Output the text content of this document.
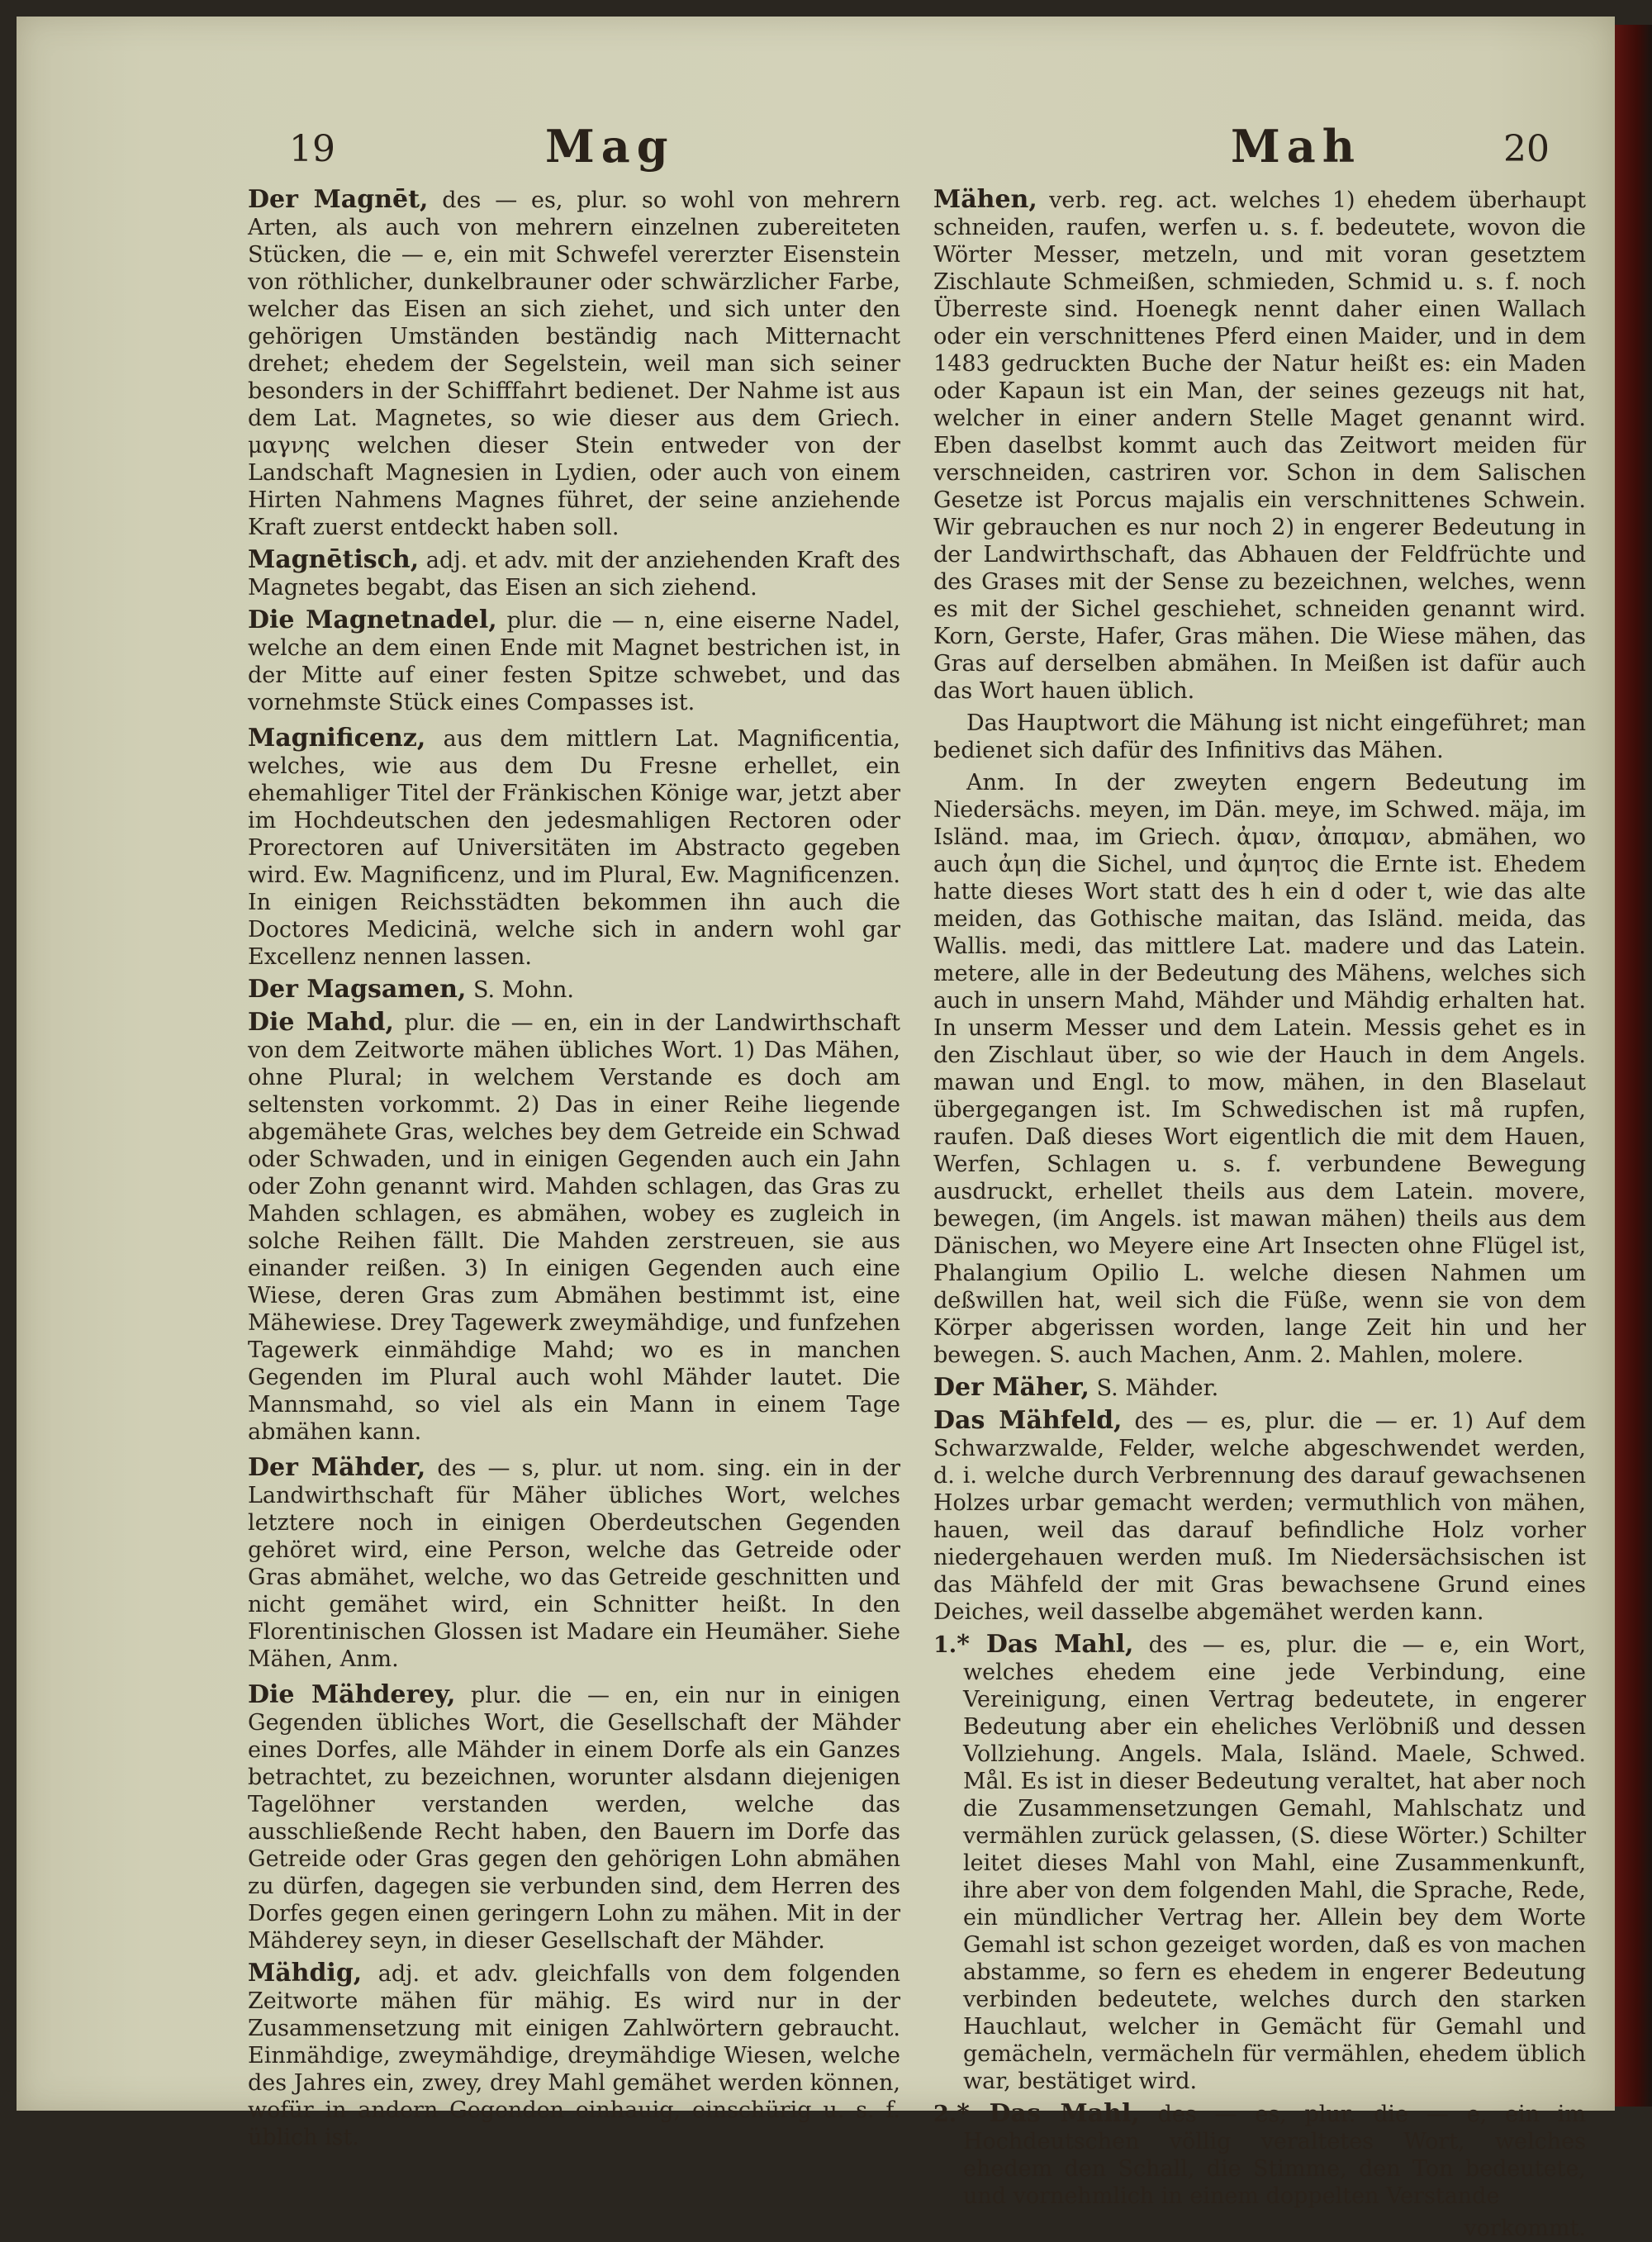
19	Mag	Mah	20

Der Magnēt, des — es, plur. so wohl von mehrern Arten, als auch von mehrern einzelnen zubereiteten Stücken, die — e, ein mit Schwefel vererzter Eisenstein von röthlicher, dunkelbrauner oder schwärzlicher Farbe, welcher das Eisen an sich ziehet, und sich unter den gehörigen Umständen beständig nach Mitternacht drehet; ehedem der Segelstein, weil man sich seiner besonders in der Schifffahrt bedienet. Der Nahme ist aus dem Lat. Magnetes, so wie dieser aus dem Griech. μαγνης welchen dieser Stein entweder von der Landschaft Magnesien in Lydien, oder auch von einem Hirten Nahmens Magnes führet, der seine anziehende Kraft zuerst entdeckt haben soll.

Magnētisch, adj. et adv. mit der anziehenden Kraft des Magnetes begabt, das Eisen an sich ziehend.

Die Magnetnadel, plur. die — n, eine eiserne Nadel, welche an dem einen Ende mit Magnet bestrichen ist, in der Mitte auf einer festen Spitze schwebet, und das vornehmste Stück eines Compasses ist.

Magnificenz, aus dem mittlern Lat. Magnificentia, welches, wie aus dem Du Fresne erhellet, ein ehemahliger Titel der Fränkischen Könige war, jetzt aber im Hochdeutschen den jedesmahligen Rectoren oder Prorectoren auf Universitäten im Abstracto gegeben wird. Ew. Magnificenz, und im Plural, Ew. Magnificenzen. In einigen Reichsstädten bekommen ihn auch die Doctores Medicinä, welche sich in andern wohl gar Excellenz nennen lassen.

Der Magsamen, S. Mohn.

Die Mahd, plur. die — en, ein in der Landwirthschaft von dem Zeitworte mähen übliches Wort. 1) Das Mähen, ohne Plural; in welchem Verstande es doch am seltensten vorkommt. 2) Das in einer Reihe liegende abgemähete Gras, welches bey dem Getreide ein Schwad oder Schwaden, und in einigen Gegenden auch ein Jahn oder Zohn genannt wird. Mahden schlagen, das Gras zu Mahden schlagen, es abmähen, wobey es zugleich in solche Reihen fällt. Die Mahden zerstreuen, sie aus einander reißen. 3) In einigen Gegenden auch eine Wiese, deren Gras zum Abmähen bestimmt ist, eine Mähewiese. Drey Tagewerk zweymähdige, und funfzehen Tagewerk einmähdige Mahd; wo es in manchen Gegenden im Plural auch wohl Mähder lautet. Die Mannsmahd, so viel als ein Mann in einem Tage abmähen kann.

Der Mähder, des — s, plur. ut nom. sing. ein in der Landwirthschaft für Mäher übliches Wort, welches letztere noch in einigen Oberdeutschen Gegenden gehöret wird, eine Person, welche das Getreide oder Gras abmähet, welche, wo das Getreide geschnitten und nicht gemähet wird, ein Schnitter heißt. In den Florentinischen Glossen ist Madare ein Heumäher. Siehe Mähen, Anm.

Die Mähderey, plur. die — en, ein nur in einigen Gegenden übliches Wort, die Gesellschaft der Mähder eines Dorfes, alle Mähder in einem Dorfe als ein Ganzes betrachtet, zu bezeichnen, worunter alsdann diejenigen Tagelöhner verstanden werden, welche das ausschließende Recht haben, den Bauern im Dorfe das Getreide oder Gras gegen den gehörigen Lohn abmähen zu dürfen, dagegen sie verbunden sind, dem Herren des Dorfes gegen einen geringern Lohn zu mähen. Mit in der Mähderey seyn, in dieser Gesellschaft der Mähder.

Mähdig, adj. et adv. gleichfalls von dem folgenden Zeitworte mähen für mähig. Es wird nur in der Zusammensetzung mit einigen Zahlwörtern gebraucht. Einmähdige, zweymähdige, dreymähdige Wiesen, welche des Jahres ein, zwey, drey Mahl gemähet werden können, wofür in andern Gegenden einhauig, einschürig u. s. f. üblich ist.

Mähen, verb. reg. act. welches 1) ehedem überhaupt schneiden, raufen, werfen u. s. f. bedeutete, wovon die Wörter Messer, metzeln, und mit voran gesetztem Zischlaute Schmeißen, schmieden, Schmid u. s. f. noch Überreste sind. Hoenegk nennt daher einen Wallach oder ein verschnittenes Pferd einen Maider, und in dem 1483 gedruckten Buche der Natur heißt es: ein Maden oder Kapaun ist ein Man, der seines gezeugs nit hat, welcher in einer andern Stelle Maget genannt wird. Eben daselbst kommt auch das Zeitwort meiden für verschneiden, castriren vor. Schon in dem Salischen Gesetze ist Porcus majalis ein verschnittenes Schwein. Wir gebrauchen es nur noch 2) in engerer Bedeutung in der Landwirthschaft, das Abhauen der Feldfrüchte und des Grases mit der Sense zu bezeichnen, welches, wenn es mit der Sichel geschiehet, schneiden genannt wird. Korn, Gerste, Hafer, Gras mähen. Die Wiese mähen, das Gras auf derselben abmähen. In Meißen ist dafür auch das Wort hauen üblich.

Das Hauptwort die Mähung ist nicht eingeführet; man bedienet sich dafür des Infinitivs das Mähen.

Anm. In der zweyten engern Bedeutung im Niedersächs. meyen, im Dän. meye, im Schwed. mäja, im Isländ. maa, im Griech. ἀμαν, ἀπαμαν, abmähen, wo auch ἀμη die Sichel, und ἀμητος die Ernte ist. Ehedem hatte dieses Wort statt des h ein d oder t, wie das alte meiden, das Gothische maitan, das Isländ. meida, das Wallis. medi, das mittlere Lat. madere und das Latein. metere, alle in der Bedeutung des Mähens, welches sich auch in unsern Mahd, Mähder und Mähdig erhalten hat. In unserm Messer und dem Latein. Messis gehet es in den Zischlaut über, so wie der Hauch in dem Angels. mawan und Engl. to mow, mähen, in den Blaselaut übergegangen ist. Im Schwedischen ist må rupfen, raufen. Daß dieses Wort eigentlich die mit dem Hauen, Werfen, Schlagen u. s. f. verbundene Bewegung ausdruckt, erhellet theils aus dem Latein. movere, bewegen, (im Angels. ist mawan mähen) theils aus dem Dänischen, wo Meyere eine Art Insecten ohne Flügel ist, Phalangium Opilio L. welche diesen Nahmen um deßwillen hat, weil sich die Füße, wenn sie von dem Körper abgerissen worden, lange Zeit hin und her bewegen. S. auch Machen, Anm. 2. Mahlen, molere.

Der Mäher, S. Mähder.

Das Mähfeld, des — es, plur. die — er. 1) Auf dem Schwarzwalde, Felder, welche abgeschwendet werden, d. i. welche durch Verbrennung des darauf gewachsenen Holzes urbar gemacht werden; vermuthlich von mähen, hauen, weil das darauf befindliche Holz vorher niedergehauen werden muß. Im Niedersächsischen ist das Mähfeld der mit Gras bewachsene Grund eines Deiches, weil dasselbe abgemähet werden kann.

1.* Das Mahl, des — es, plur. die — e, ein Wort, welches ehedem eine jede Verbindung, eine Vereinigung, einen Vertrag bedeutete, in engerer Bedeutung aber ein eheliches Verlöbniß und dessen Vollziehung. Angels. Mala, Isländ. Maele, Schwed. Mål. Es ist in dieser Bedeutung veraltet, hat aber noch die Zusammensetzungen Gemahl, Mahlschatz und vermählen zurück gelassen, (S. diese Wörter.) Schilter leitet dieses Mahl von Mahl, eine Zusammenkunft, ihre aber von dem folgenden Mahl, die Sprache, Rede, ein mündlicher Vertrag her. Allein bey dem Worte Gemahl ist schon gezeiget worden, daß es von machen abstamme, so fern es ehedem in engerer Bedeutung verbinden bedeutete, welches durch den starken Hauchlaut, welcher in Gemächt für Gemahl und gemächeln, vermächeln für vermählen, ehedem üblich war, bestätiget wird.

2.* Das Mahl, des — es, plur. die — e, ein im Hochdeutschen völlig veraltetes Wort, welches ehedem den Schall, die Stimme, den Ton bedeutete, und vornehmlich in einem doppelten Verstande

vorkommt.
